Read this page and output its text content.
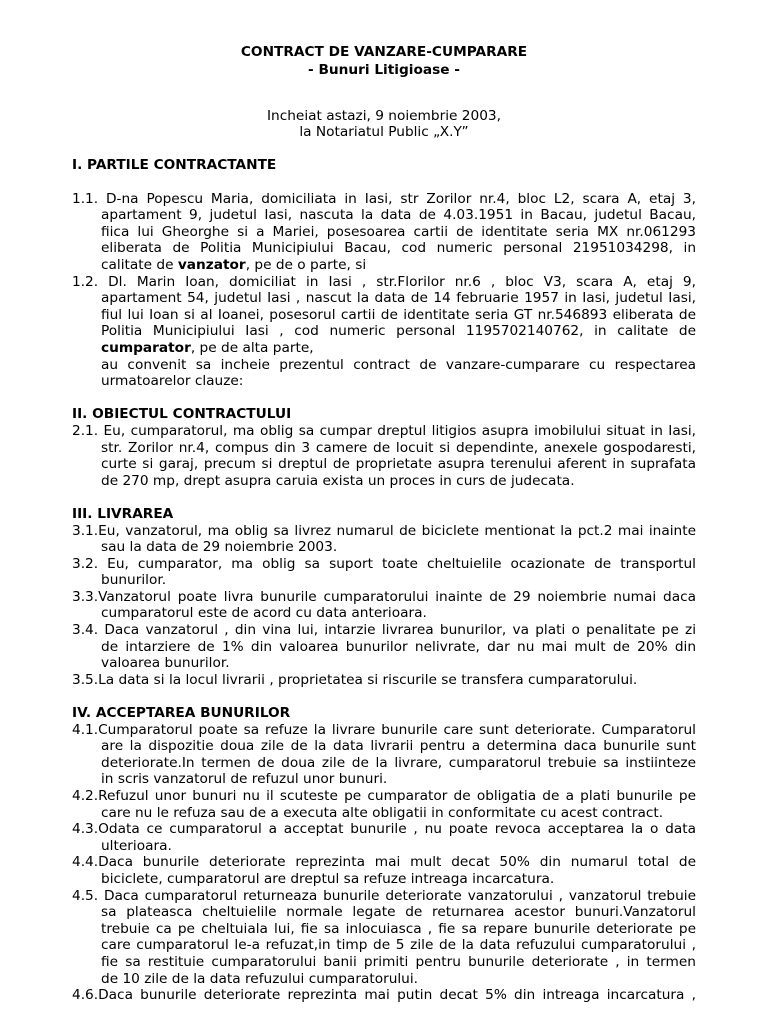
CONTRACT DE VANZARE-CUMPARARE
- Bunuri Litigioase -
Incheiat astazi, 9 noiembrie 2003,
la Notariatul Public „X.Y”
I. PARTILE CONTRACTANTE
1.1. D-na Popescu Maria, domiciliata in Iasi, str Zorilor nr.4, bloc L2, scara A, etaj 3,
apartament 9, judetul Iasi, nascuta la data de 4.03.1951 in Bacau, judetul Bacau,
fiica lui Gheorghe si a Mariei, posesoarea cartii de identitate seria MX nr.061293
eliberata de Politia Municipiului Bacau, cod numeric personal 21951034298, in
calitate de vanzator, pe de o parte, si
1.2. Dl. Marin Ioan, domiciliat in Iasi , str.Florilor nr.6 , bloc V3, scara A, etaj 9,
apartament 54, judetul Iasi , nascut la data de 14 februarie 1957 in Iasi, judetul Iasi,
fiul lui Ioan si al Ioanei, posesorul cartii de identitate seria GT nr.546893 eliberata de
Politia Municipiului Iasi , cod numeric personal 1195702140762, in calitate de
cumparator, pe de alta parte,
au convenit sa incheie prezentul contract de vanzare-cumparare cu respectarea
urmatoarelor clauze:
II. OBIECTUL CONTRACTULUI
2.1. Eu, cumparatorul, ma oblig sa cumpar dreptul litigios asupra imobilului situat in Iasi,
str. Zorilor nr.4, compus din 3 camere de locuit si dependinte, anexele gospodaresti,
curte si garaj, precum si dreptul de proprietate asupra terenului aferent in suprafata
de 270 mp, drept asupra caruia exista un proces in curs de judecata.
III. LIVRAREA
3.1.Eu, vanzatorul, ma oblig sa livrez numarul de biciclete mentionat la pct.2 mai inainte
sau la data de 29 noiembrie 2003.
3.2. Eu, cumparator, ma oblig sa suport toate cheltuielile ocazionate de transportul
bunurilor.
3.3.Vanzatorul poate livra bunurile cumparatorului inainte de 29 noiembrie numai daca
cumparatorul este de acord cu data anterioara.
3.4. Daca vanzatorul , din vina lui, intarzie livrarea bunurilor, va plati o penalitate pe zi
de intarziere de 1% din valoarea bunurilor nelivrate, dar nu mai mult de 20% din
valoarea bunurilor.
3.5.La data si la locul livrarii , proprietatea si riscurile se transfera cumparatorului.
IV. ACCEPTAREA BUNURILOR
4.1.Cumparatorul poate sa refuze la livrare bunurile care sunt deteriorate. Cumparatorul
are la dispozitie doua zile de la data livrarii pentru a determina daca bunurile sunt
deteriorate.In termen de doua zile de la livrare, cumparatorul trebuie sa instiinteze
in scris vanzatorul de refuzul unor bunuri.
4.2.Refuzul unor bunuri nu il scuteste pe cumparator de obligatia de a plati bunurile pe
care nu le refuza sau de a executa alte obligatii in conformitate cu acest contract.
4.3.Odata ce cumparatorul a acceptat bunurile , nu poate revoca acceptarea la o data
ulterioara.
4.4.Daca bunurile deteriorate reprezinta mai mult decat 50% din numarul total de
biciclete, cumparatorul are dreptul sa refuze intreaga incarcatura.
4.5. Daca cumparatorul returneaza bunurile deteriorate vanzatorului , vanzatorul trebuie
sa plateasca cheltuielile normale legate de returnarea acestor bunuri.Vanzatorul
trebuie ca pe cheltuiala lui, fie sa inlocuiasca , fie sa repare bunurile deteriorate pe
care cumparatorul le-a refuzat,in timp de 5 zile de la data refuzului cumparatorului ,
fie sa restituie cumparatorului banii primiti pentru bunurile deteriorate , in termen
de 10 zile de la data refuzului cumparatorului.
4.6.Daca bunurile deteriorate reprezinta mai putin decat 5% din intreaga incarcatura ,
